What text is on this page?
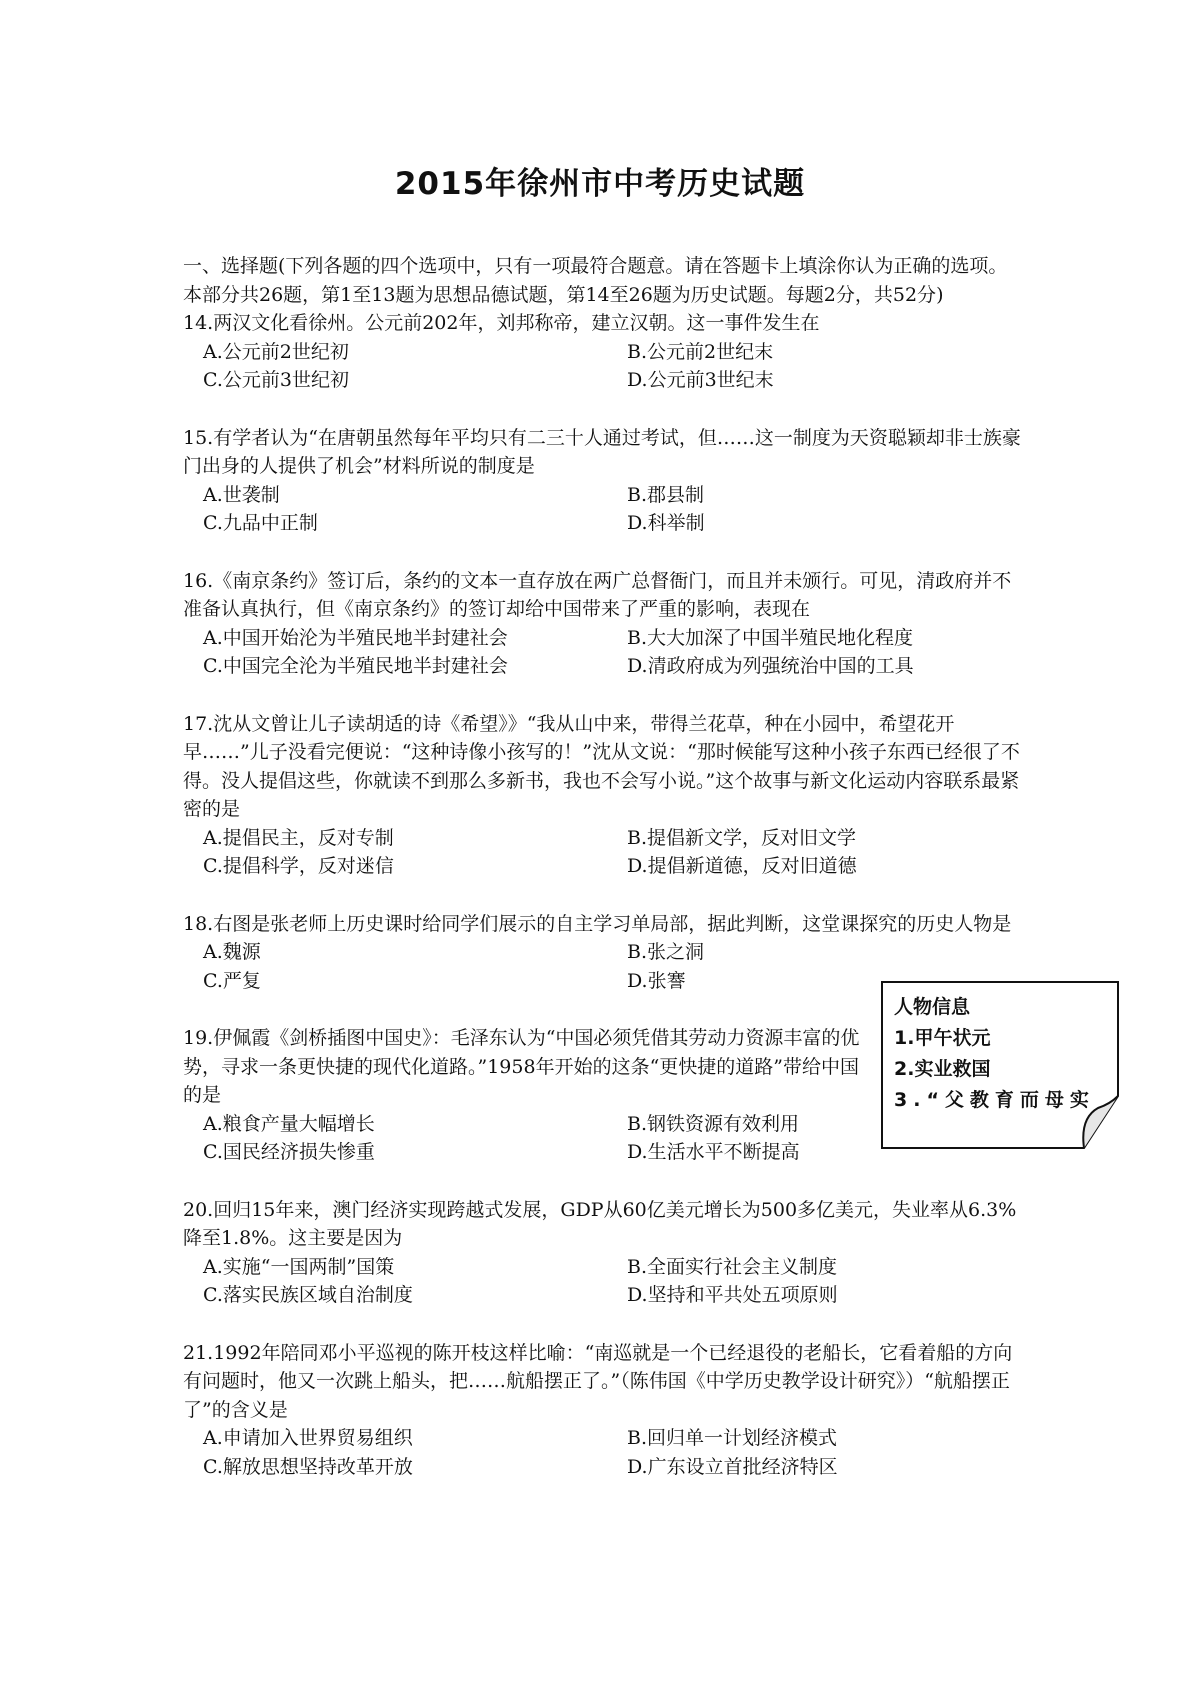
2015年徐州市中考历史试题

一、选择题(下列各题的四个选项中，只有一项最符合题意。请在答题卡上填涂你认为正确的选项。本部分共26题，第1至13题为思想品德试题，第14至26题为历史试题。每题2分，共52分)

14.两汉文化看徐州。公元前202年，刘邦称帝，建立汉朝。这一事件发生在

A.公元前2世纪初	B.公元前2世纪末
C.公元前3世纪初	D.公元前3世纪末

15.有学者认为“在唐朝虽然每年平均只有二三十人通过考试，但……这一制度为天资聪颖却非士族豪门出身的人提供了机会”材料所说的制度是

A.世袭制	B.郡县制
C.九品中正制	D.科举制

16.《南京条约》签订后，条约的文本一直存放在两广总督衙门，而且并未颁行。可见，清政府并不准备认真执行，但《南京条约》的签订却给中国带来了严重的影响，表现在

A.中国开始沦为半殖民地半封建社会	B.大大加深了中国半殖民地化程度
C.中国完全沦为半殖民地半封建社会	D.清政府成为列强统治中国的工具

17.沈从文曾让儿子读胡适的诗《希望》》“我从山中来，带得兰花草，种在小园中，希望花开早……”儿子没看完便说：“这种诗像小孩写的！”沈从文说：“那时候能写这种小孩子东西已经很了不得。没人提倡这些，你就读不到那么多新书，我也不会写小说。”这个故事与新文化运动内容联系最紧密的是

A.提倡民主，反对专制	B.提倡新文学，反对旧文学
C.提倡科学，反对迷信	D.提倡新道德，反对旧道德

18.右图是张老师上历史课时给同学们展示的自主学习单局部，据此判断，这堂课探究的历史人物是

A.魏源	B.张之洞
C.严复	D.张謇

19.伊佩霞《剑桥插图中国史》：毛泽东认为“中国必须凭借其劳动力资源丰富的优势，寻求一条更快捷的现代化道路。”1958年开始的这条“更快捷的道路”带给中国的是

A.粮食产量大幅增长	B.钢铁资源有效利用
C.国民经济损失惨重	D.生活水平不断提高

20.回归15年来，澳门经济实现跨越式发展，GDP从60亿美元增长为500多亿美元，失业率从6.3%降至1.8%。这主要是因为

A.实施“一国两制”国策	B.全面实行社会主义制度
C.落实民族区域自治制度	D.坚持和平共处五项原则

21.1992年陪同邓小平巡视的陈开枝这样比喻：“南巡就是一个已经退役的老船长，它看着船的方向有问题时，他又一次跳上船头，把……航船摆正了。”（陈伟国《中学历史教学设计研究》）“航船摆正了”的含义是

A.申请加入世界贸易组织	B.回归单一计划经济模式
C.解放思想坚持改革开放	D.广东设立首批经济特区
人物信息
1.甲午状元
2.实业救国
3.“父教育而母实
